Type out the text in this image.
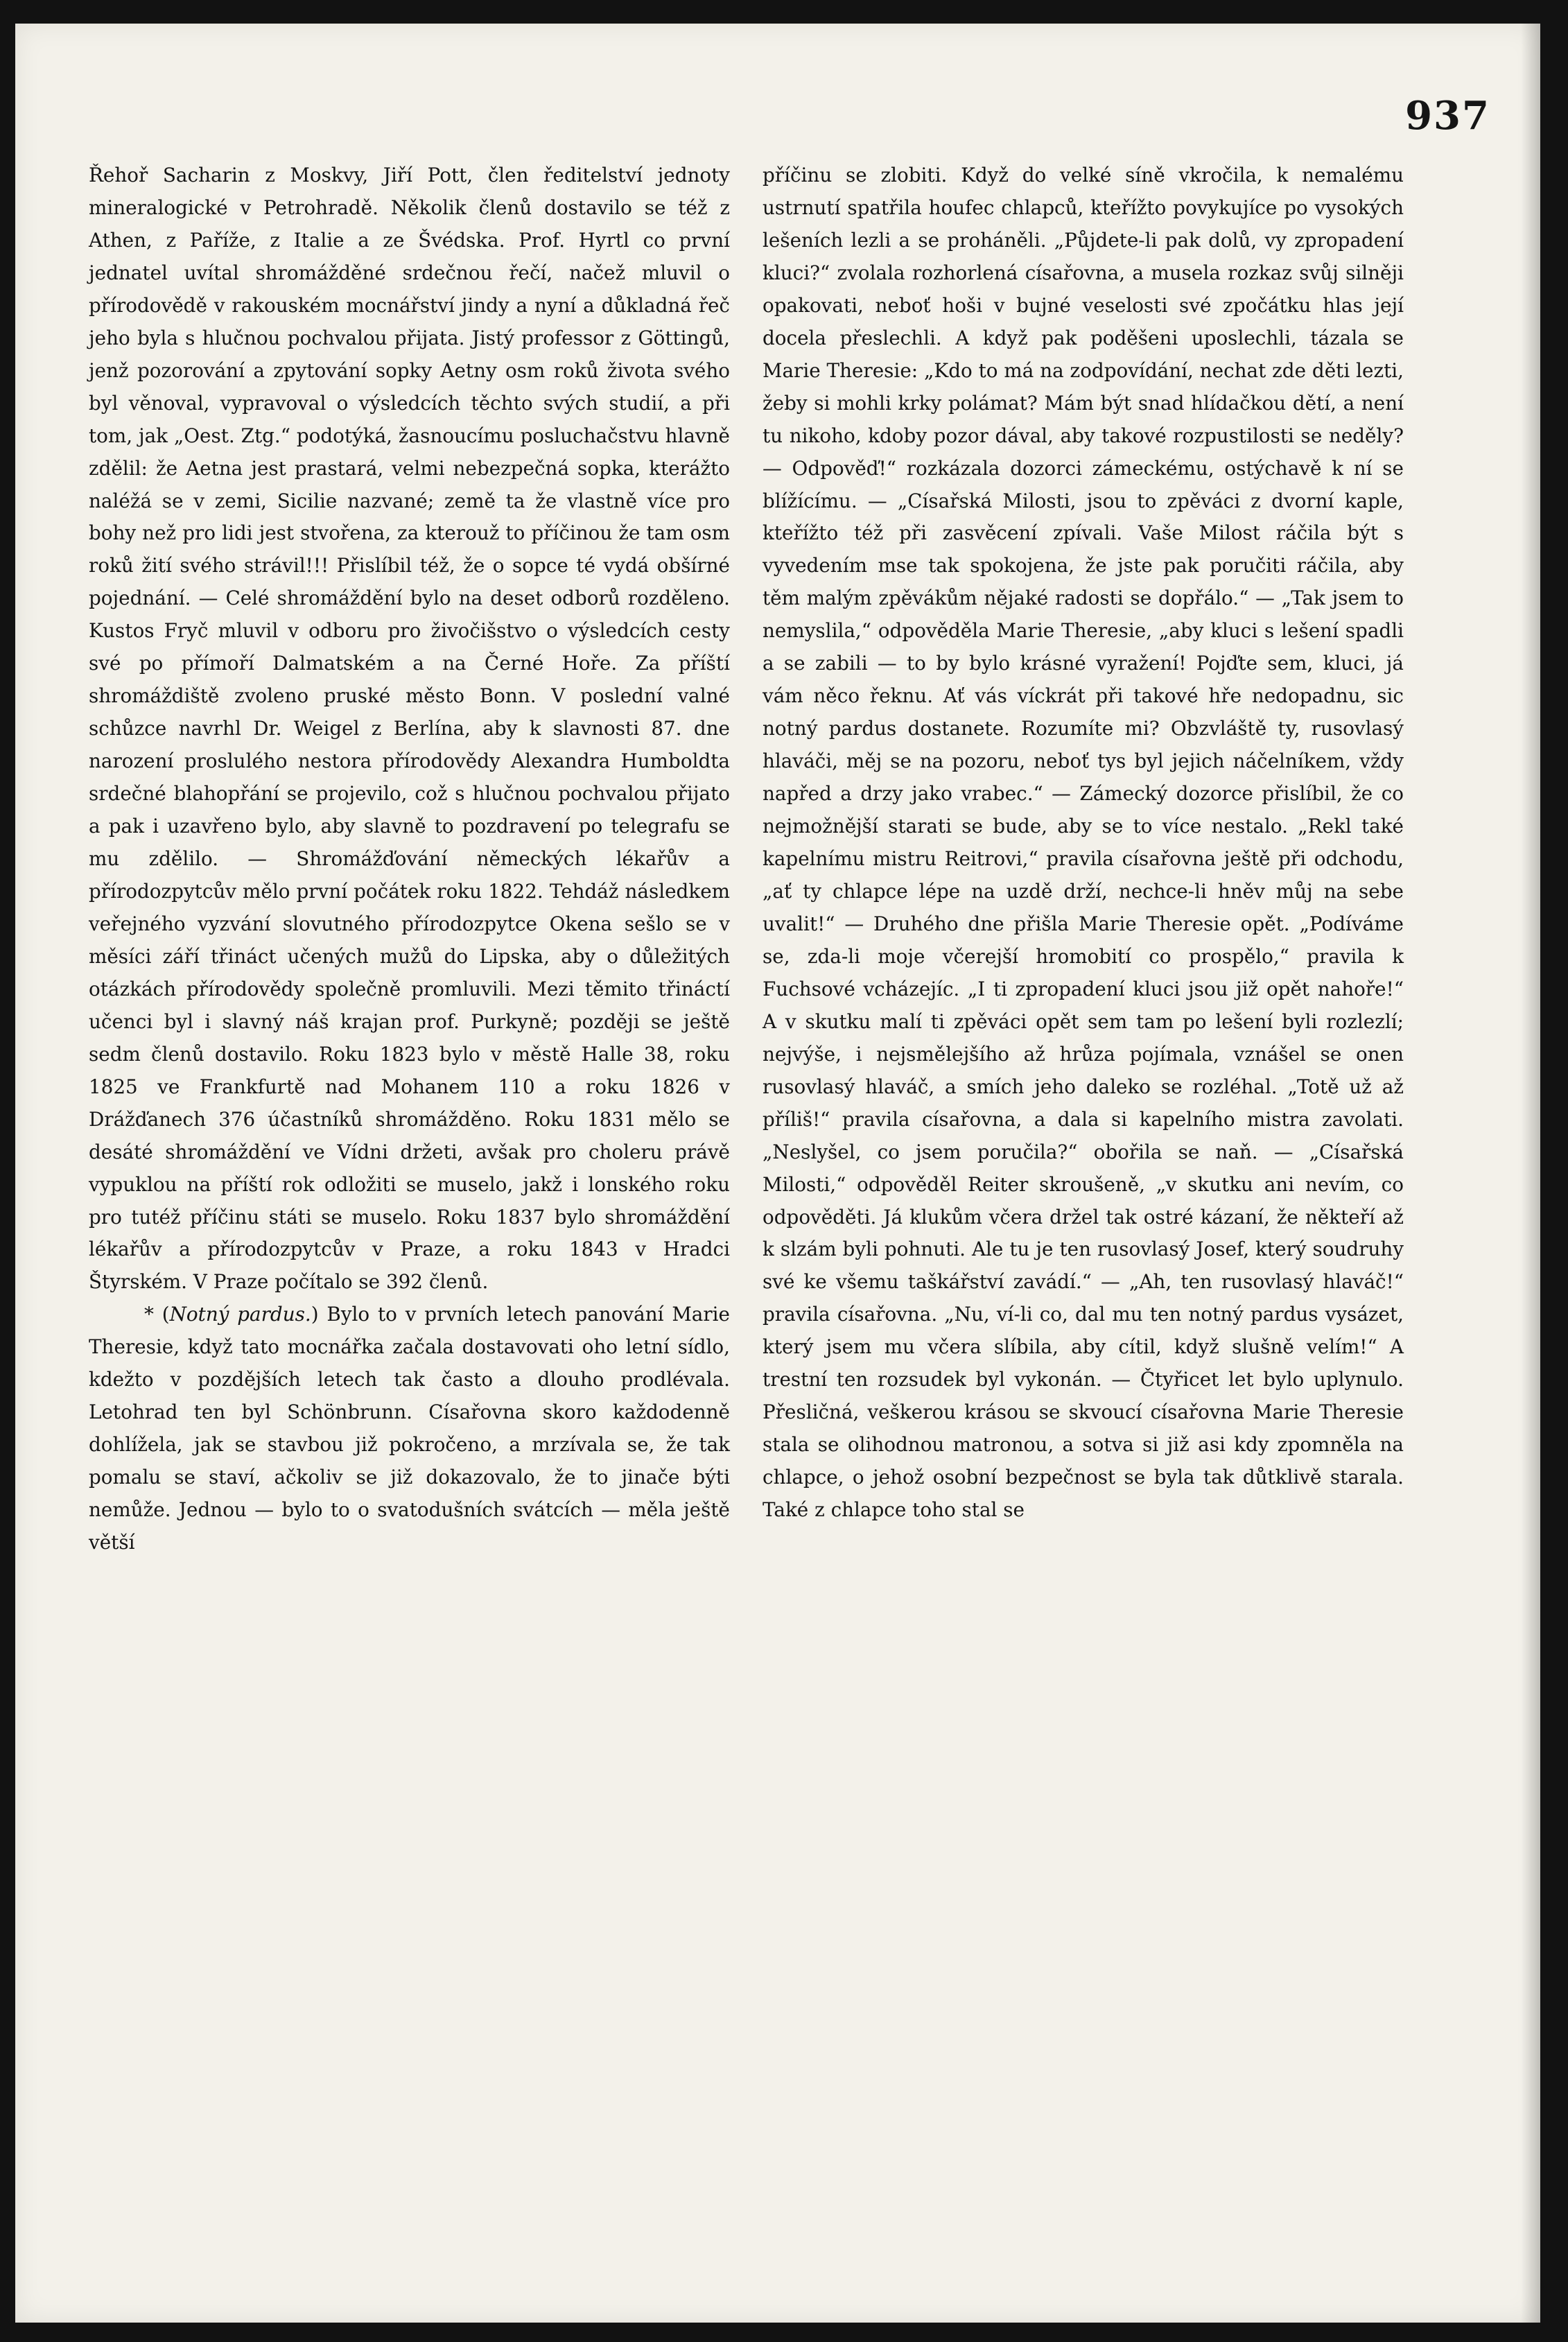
937

Řehoř Sacharin z Moskvy, Jiří Pott, člen ředitelství jednoty mineralogické v Petrohradě. Několik členů dostavilo se též z Athen, z Paříže, z Italie a ze Švédska. Prof. Hyrtl co první jednatel uvítal shromážděné srdečnou řečí, načež mluvil o přírodovědě v rakouském mocnářství jindy a nyní a důkladná řeč jeho byla s hlučnou pochvalou přijata. Jistý professor z Göttingů, jenž pozorování a zpytování sopky Aetny osm roků života svého byl věnoval, vypravoval o výsledcích těchto svých studií, a při tom, jak „Oest. Ztg.“ podotýká, žasnoucímu posluchačstvu hlavně zdělil: že Aetna jest prastará, velmi nebezpečná sopka, kterážto naléžá se v zemi, Sicilie nazvané; země ta že vlastně více pro bohy než pro lidi jest stvořena, za kterouž to příčinou že tam osm roků žití svého strávil!!! Přislíbil též, že o sopce té vydá obšírné pojednání. — Celé shromáždění bylo na deset odborů rozděleno. Kustos Fryč mluvil v odboru pro živočišstvo o výsledcích cesty své po přímoří Dalmatském a na Černé Hoře. Za příští shromáždiště zvoleno pruské město Bonn. V poslední valné schůzce navrhl Dr. Weigel z Berlína, aby k slavnosti 87. dne narození proslulého nestora přírodovědy Alexandra Humboldta srdečné blahopřání se projevilo, což s hlučnou pochvalou přijato a pak i uzavřeno bylo, aby slavně to pozdravení po telegrafu se mu zdělilo. — Shromážďování německých lékařův a přírodozpytcův mělo první počátek roku 1822. Tehdáž následkem veřejného vyzvání slovutného přírodozpytce Okena sešlo se v měsíci září třináct učených mužů do Lipska, aby o důležitých otázkách přírodovědy společně promluvili. Mezi těmito třináctí učenci byl i slavný náš krajan prof. Purkyně; později se ještě sedm členů dostavilo. Roku 1823 bylo v městě Halle 38, roku 1825 ve Frankfurtě nad Mohanem 110 a roku 1826 v Drážďanech 376 účastníků shromážděno. Roku 1831 mělo se desáté shromáždění ve Vídni držeti, avšak pro choleru právě vypuklou na příští rok odložiti se muselo, jakž i lonského roku pro tutéž příčinu státi se muselo. Roku 1837 bylo shromáždění lékařův a přírodozpytcův v Praze, a roku 1843 v Hradci Štyrském. V Praze počítalo se 392 členů.

* (Notný pardus.) Bylo to v prvních letech panování Marie Theresie, když tato mocnářka začala dostavovati oho letní sídlo, kdežto v pozdějších letech tak často a dlouho prodlévala. Letohrad ten byl Schönbrunn. Císařovna skoro každodenně dohlížela, jak se stavbou již pokročeno, a mrzívala se, že tak pomalu se staví, ačkoliv se již dokazovalo, že to jinače býti nemůže. Jednou — bylo to o svatodušních svátcích — měla ještě větší

příčinu se zlobiti. Když do velké síně vkročila, k nemalému ustrnutí spatřila houfec chlapců, kteřížto povykujíce po vysokých lešeních lezli a se proháněli. „Půjdete-li pak dolů, vy zpropadení kluci?“ zvolala rozhorlená císařovna, a musela rozkaz svůj silněji opakovati, neboť hoši v bujné veselosti své zpočátku hlas její docela přeslechli. A když pak poděšeni uposlechli, tázala se Marie Theresie: „Kdo to má na zodpovídání, nechat zde děti lezti, žeby si mohli krky polámat? Mám být snad hlídačkou dětí, a není tu nikoho, kdoby pozor dával, aby takové rozpustilosti se neděly? — Odpověď!“ rozkázala dozorci zámeckému, ostýchavě k ní se blížícímu. — „Císařská Milosti, jsou to zpěváci z dvorní kaple, kteřížto též při zasvěcení zpívali. Vaše Milost ráčila být s vyvedením mse tak spokojena, že jste pak poručiti ráčila, aby těm malým zpěvákům nějaké radosti se dopřálo.“ — „Tak jsem to nemyslila,“ odpověděla Marie Theresie, „aby kluci s lešení spadli a se zabili — to by bylo krásné vyražení! Pojďte sem, kluci, já vám něco řeknu. Ať vás víckrát při takové hře nedopadnu, sic notný pardus dostanete. Rozumíte mi? Obzvláště ty, rusovlasý hlaváči, měj se na pozoru, neboť tys byl jejich náčelníkem, vždy napřed a drzy jako vrabec.“ — Zámecký dozorce přislíbil, že co nejmožnější starati se bude, aby se to více nestalo. „Rekl také kapelnímu mistru Reitrovi,“ pravila císařovna ještě při odchodu, „ať ty chlapce lépe na uzdě drží, nechce-li hněv můj na sebe uvalit!“ — Druhého dne přišla Marie Theresie opět. „Podíváme se, zda-li moje včerejší hromobití co prospělo,“ pravila k Fuchsové vcházejíc. „I ti zpropadení kluci jsou již opět nahoře!“ A v skutku malí ti zpěváci opět sem tam po lešení byli rozlezlí; nejvýše, i nejsmělejšího až hrůza pojímala, vznášel se onen rusovlasý hlaváč, a smích jeho daleko se rozléhal. „Totě už až příliš!“ pravila císařovna, a dala si kapelního mistra zavolati. „Neslyšel, co jsem poručila?“ obořila se naň. — „Císařská Milosti,“ odpověděl Reiter skroušeně, „v skutku ani nevím, co odpověděti. Já klukům včera držel tak ostré kázaní, že někteří až k slzám byli pohnuti. Ale tu je ten rusovlasý Josef, který soudruhy své ke všemu taškářství zavádí.“ — „Ah, ten rusovlasý hlaváč!“ pravila císařovna. „Nu, ví-li co, dal mu ten notný pardus vysázet, který jsem mu včera slíbila, aby cítil, když slušně velím!“ A trestní ten rozsudek byl vykonán. — Čtyřicet let bylo uplynulo. Přesličná, veškerou krásou se skvoucí císařovna Marie Theresie stala se olihodnou matronou, a sotva si již asi kdy zpomněla na chlapce, o jehož osobní bezpečnost se byla tak důtklivě starala. Také z chlapce toho stal se
